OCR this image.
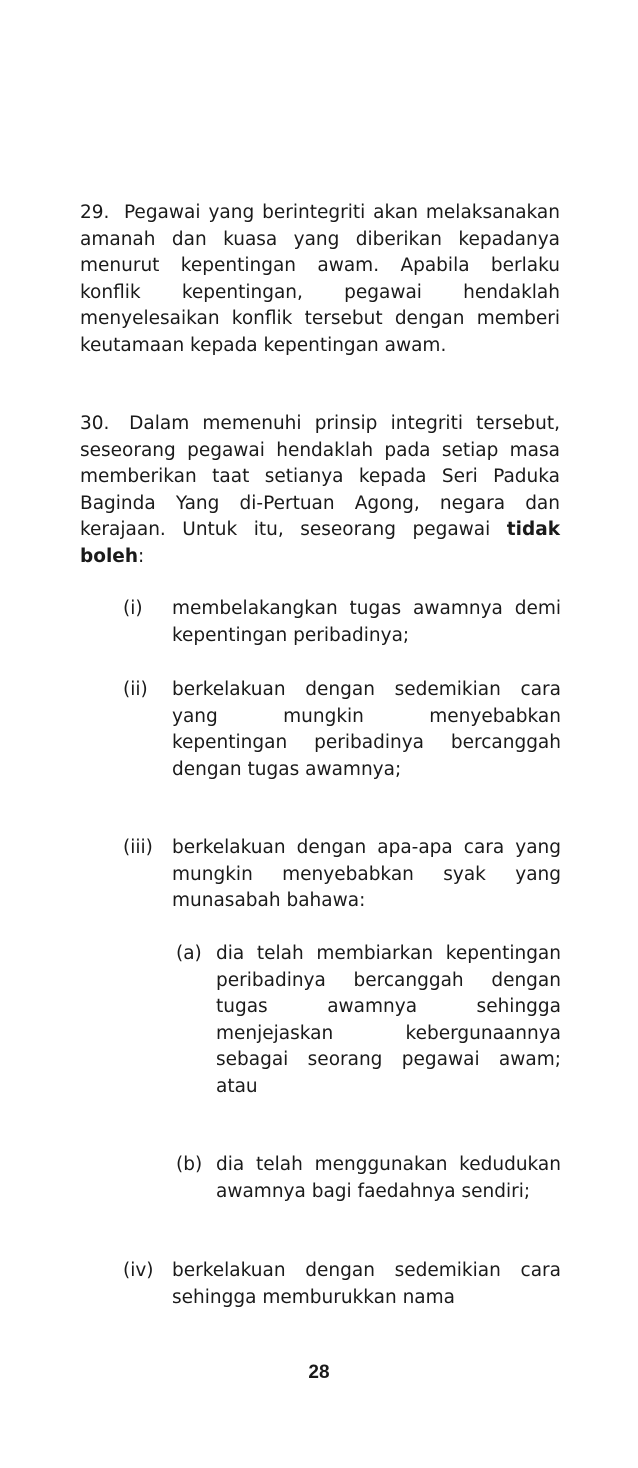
29. Pegawai yang berintegriti akan melaksanakan amanah dan kuasa yang diberikan kepadanya menurut kepentingan awam. Apabila berlaku konflik kepentingan, pegawai hendaklah menyelesaikan konflik tersebut dengan memberi keutamaan kepada kepentingan awam.

30. Dalam memenuhi prinsip integriti tersebut, seseorang pegawai hendaklah pada setiap masa memberikan taat setianya kepada Seri Paduka Baginda Yang di-Pertuan Agong, negara dan kerajaan. Untuk itu, seseorang pegawai tidak boleh:

(i) membelakangkan tugas awamnya demi kepentingan peribadinya;
(ii) berkelakuan dengan sedemikian cara yang mungkin menyebabkan kepentingan peribadinya bercanggah dengan tugas awamnya;
(iii) berkelakuan dengan apa-apa cara yang mungkin menyebabkan syak yang munasabah bahawa:
(a) dia telah membiarkan kepentingan peribadinya bercanggah dengan tugas awamnya sehingga menjejaskan kebergunaannya sebagai seorang pegawai awam; atau
(b) dia telah menggunakan kedudukan awamnya bagi faedahnya sendiri;
(iv) berkelakuan dengan sedemikian cara sehingga memburukkan nama
28
